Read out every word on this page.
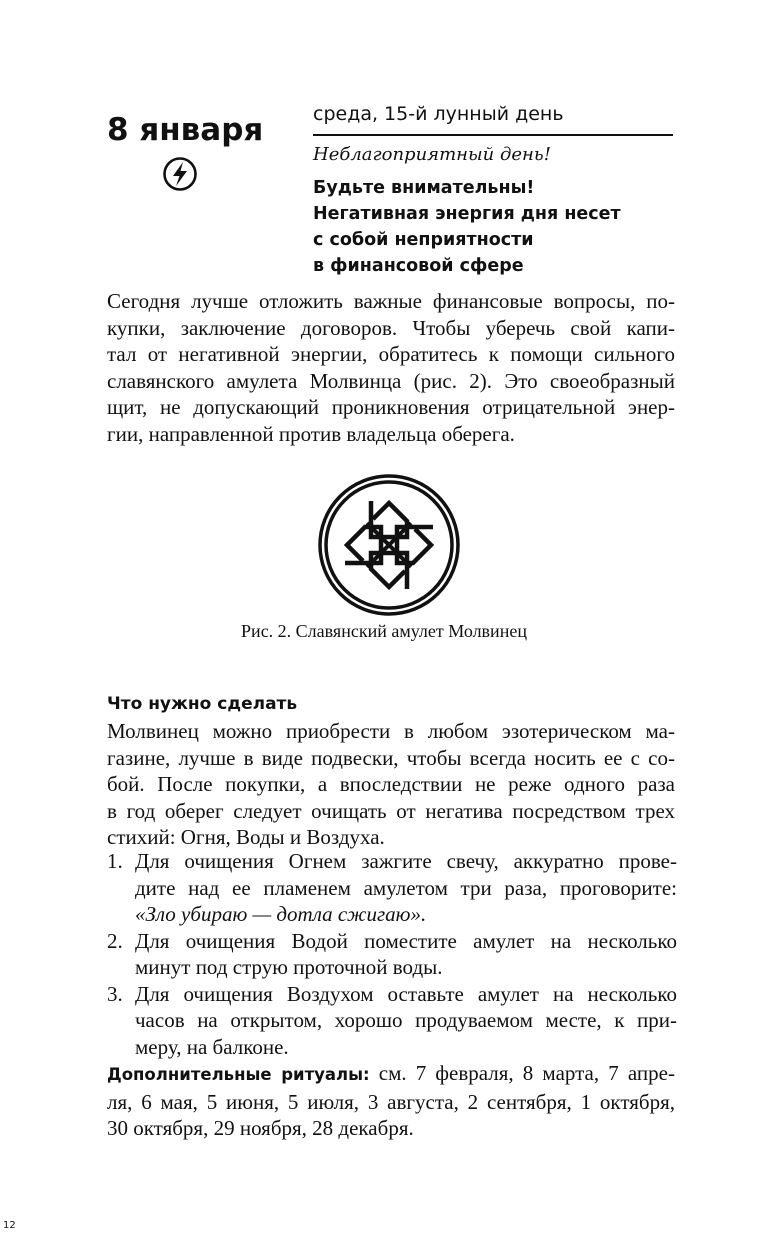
8 января	среда, 15-й лунный день
Неблагоприятный день!
Будьте внимательны!
Негативная энергия дня несет
с собой неприятности
в финансовой сфере

Сегодня лучше отложить важные финансовые вопросы, по-
купки, заключение договоров. Чтобы уберечь свой капи-
тал от негативной энергии, обратитесь к помощи сильного
славянского амулета Молвинца (рис. 2). Это своеобразный
щит, не допускающий проникновения отрицательной энер-
гии, направленной против владельца оберега.

Рис. 2. Славянский амулет Молвинец
Что нужно сделать

Молвинец можно приобрести в любом эзотерическом ма-
газине, лучше в виде подвески, чтобы всегда носить ее с со-
бой. После покупки, а впоследствии не реже одного раза
в год оберег следует очищать от негатива посредством трех
стихий: Огня, Воды и Воздуха.

1. Для очищения Огнем зажгите свечу, аккуратно прове-
дите над ее пламенем амулетом три раза, проговорите:
«Зло убираю — дотла сжигаю».
2. Для очищения Водой поместите амулет на несколько
минут под струю проточной воды.
3. Для очищения Воздухом оставьте амулет на несколько
часов на открытом, хорошо продуваемом месте, к при-
меру, на балконе.

Дополнительные ритуалы: см. 7 февраля, 8 марта, 7 апре-
ля, 6 мая, 5 июня, 5 июля, 3 августа, 2 сентября, 1 октября,
30 октября, 29 ноября, 28 декабря.

12
